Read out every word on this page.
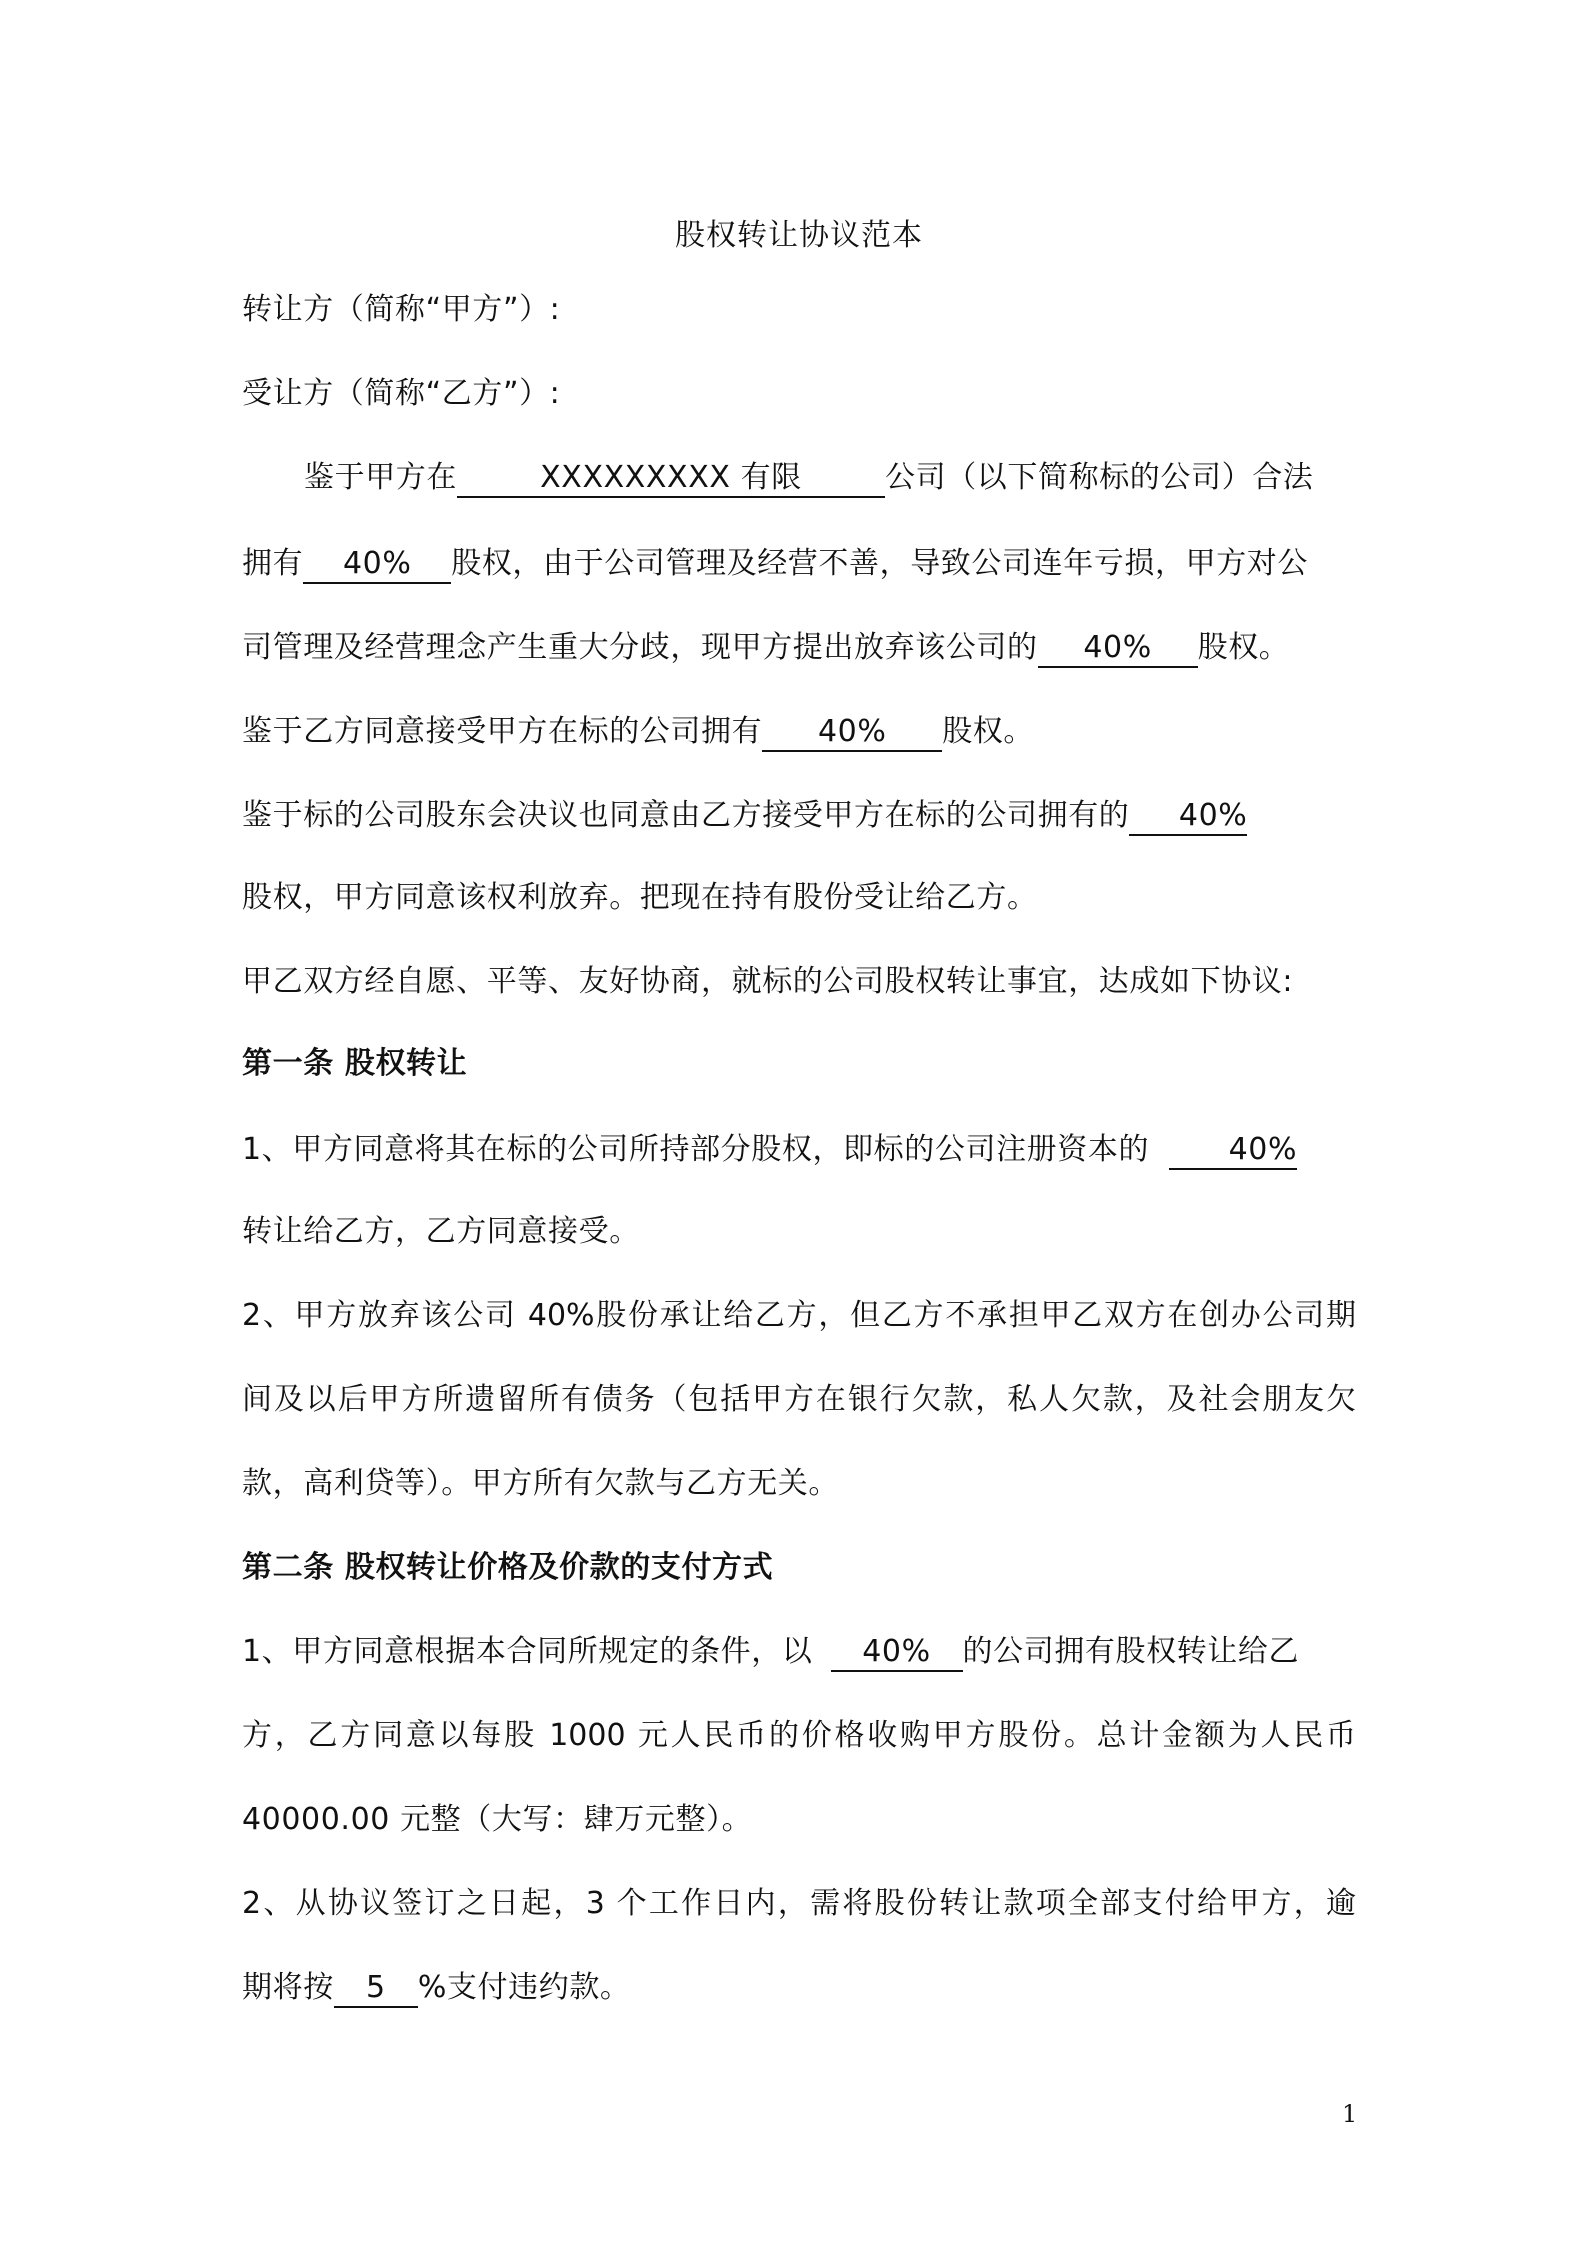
股权转让协议范本
转让方（简称“甲方”）:
受让方（简称“乙方”）:
鉴于甲方在	XXXXXXXXX 有限	公司（以下简称标的公司）合法
拥有 40% 股权，由于公司管理及经营不善，导致公司连年亏损，甲方对公
司管理及经营理念产生重大分歧，现甲方提出放弃该公司的 40% 股权。
鉴于乙方同意接受甲方在标的公司拥有 40% 股权。
鉴于标的公司股东会决议也同意由乙方接受甲方在标的公司拥有的 40%
股权，甲方同意该权利放弃。把现在持有股份受让给乙方。
甲乙双方经自愿、平等、友好协商，就标的公司股权转让事宜，达成如下协议:
第一条 股权转让
1、甲方同意将其在标的公司所持部分股权，即标的公司注册资本的	40%
转让给乙方，乙方同意接受。
2、甲方放弃该公司 40%股份承让给乙方，但乙方不承担甲乙双方在创办公司期
间及以后甲方所遗留所有债务（包括甲方在银行欠款，私人欠款，及社会朋友欠
款，高利贷等）。甲方所有欠款与乙方无关。
第二条 股权转让价格及价款的支付方式
1、甲方同意根据本合同所规定的条件，以 40% 的公司拥有股权转让给乙
方，乙方同意以每股 1000 元人民币的价格收购甲方股份。总计金额为人民币
40000.00 元整（大写：肆万元整）。
2、从协议签订之日起，3 个工作日内，需将股份转让款项全部支付给甲方，逾
期将按 5 %支付违约款。
1
